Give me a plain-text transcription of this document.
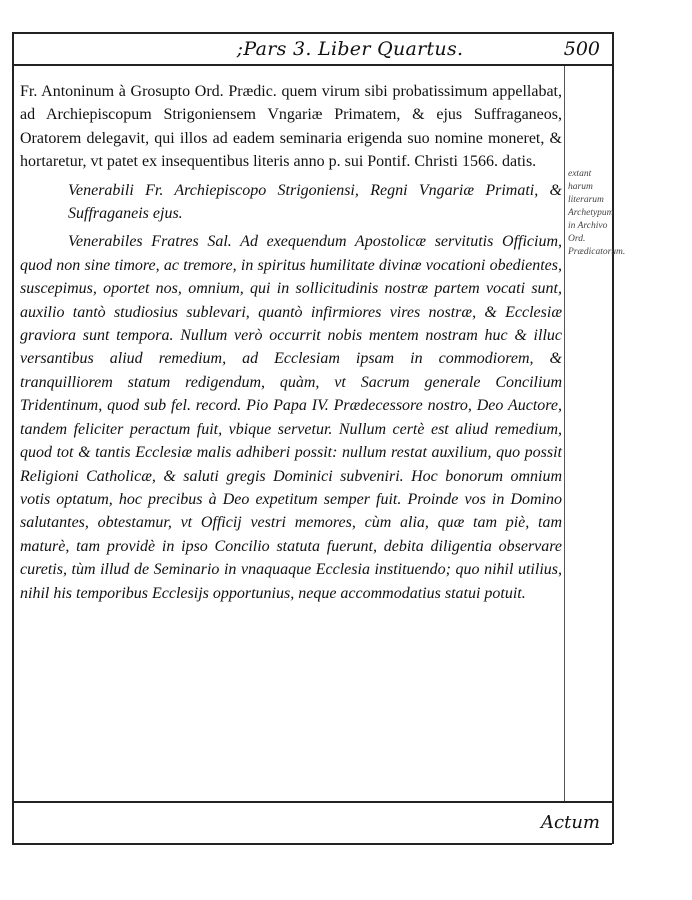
;Pars 3. Liber Quartus.	500

Fr. Antoninum à Grosupto Ord. Prædic. quem virum sibi probatissimum appellabat, ad Archiepiscopum Strigoniensem Vngariæ Primatem, & ejus Suffraganeos, Oratorem delegavit, qui illos ad eadem seminaria erigenda suo nomine moneret, & hortaretur, vt patet ex insequentibus literis anno p. sui Pontif. Christi 1566. datis.

Venerabili Fr. Archiepiscopo Strigoniensi, Regni Vngariæ Primati, & Suffraganeis ejus.

Venerabiles Fratres Sal. Ad exequendum Apostolicæ servitutis Officium, quod non sine timore, ac tremore, in spiritus humilitate divinæ vocationi obedientes, suscepimus, oportet nos, omnium, qui in sollicitudinis nostræ partem vocati sunt, auxilio tantò studiosius sublevari, quantò infirmiores vires nostræ, & Ecclesiæ graviora sunt tempora. Nullum verò occurrit nobis mentem nostram huc & illuc versantibus aliud remedium, ad Ecclesiam ipsam in commodiorem, & tranquilliorem statum redigendum, quàm, vt Sacrum generale Concilium Tridentinum, quod sub fel. record. Pio Papa IV. Prædecessore nostro, Deo Auctore, tandem feliciter peractum fuit, vbique servetur. Nullum certè est aliud remedium, quod tot & tantis Ecclesiæ malis adhiberi possit: nullum restat auxilium, quo possit Religioni Catholicæ, & saluti gregis Dominici subveniri. Hoc bonorum omnium votis optatum, hoc precibus à Deo expetitum semper fuit. Proinde vos in Domino salutantes, obtestamur, vt Officij vestri memores, cùm alia, quæ tam piè, tam maturè, tam providè in ipso Concilio statuta fuerunt, debita diligentia observare curetis, tùm illud de Seminario in vnaquaque Ecclesia instituendo; quo nihil utilius, nihil his temporibus Ecclesijs opportunius, neque accommodatius statui potuit.

extant harum literarum Archetypum in Archivo Ord. Prædicatorum.
Actum
